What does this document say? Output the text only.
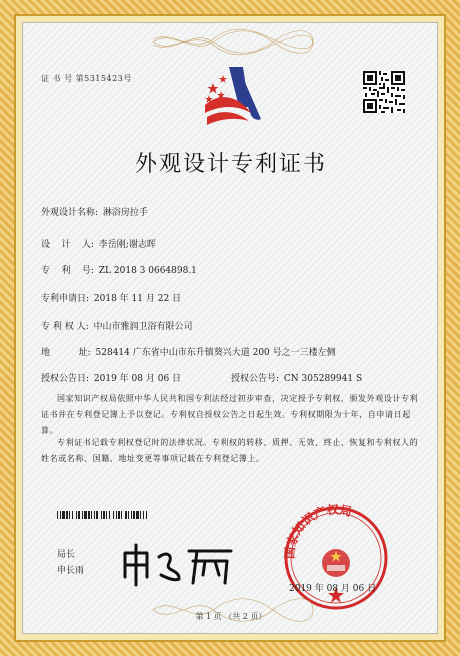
证 书 号 第5315423号
外观设计专利证书
外观设计名称: 淋浴房拉手
设    计    人: 李岳刚;谢志晖
专    利    号: ZL 2018 3 0664898.1
专利申请日: 2018 年 11 月 22 日
专 利 权 人: 中山市雅润卫浴有限公司
地          址: 528414 广东省中山市东升镇葵兴大道 200 号之一三楼左侧
授权公告日: 2019 年 08 月 06 日	授权公告号: CN 305289941 S
国家知识产权局依照中华人民共和国专利法经过初步审查，决定授予专利权，颁发外观设计专利证书并在专利登记簿上予以登记。专利权自授权公告之日起生效。专利权期限为十年，自申请日起算。
专利证书记载专利权登记时的法律状况。专利权的转移、质押、无效、终止、恢复和专利权人的姓名或名称、国籍、地址变更等事项记载在专利登记簿上。
局长
申长雨
国家知识产权局
2019 年 08 月 06 日
第 1 页 （共 2 页）
